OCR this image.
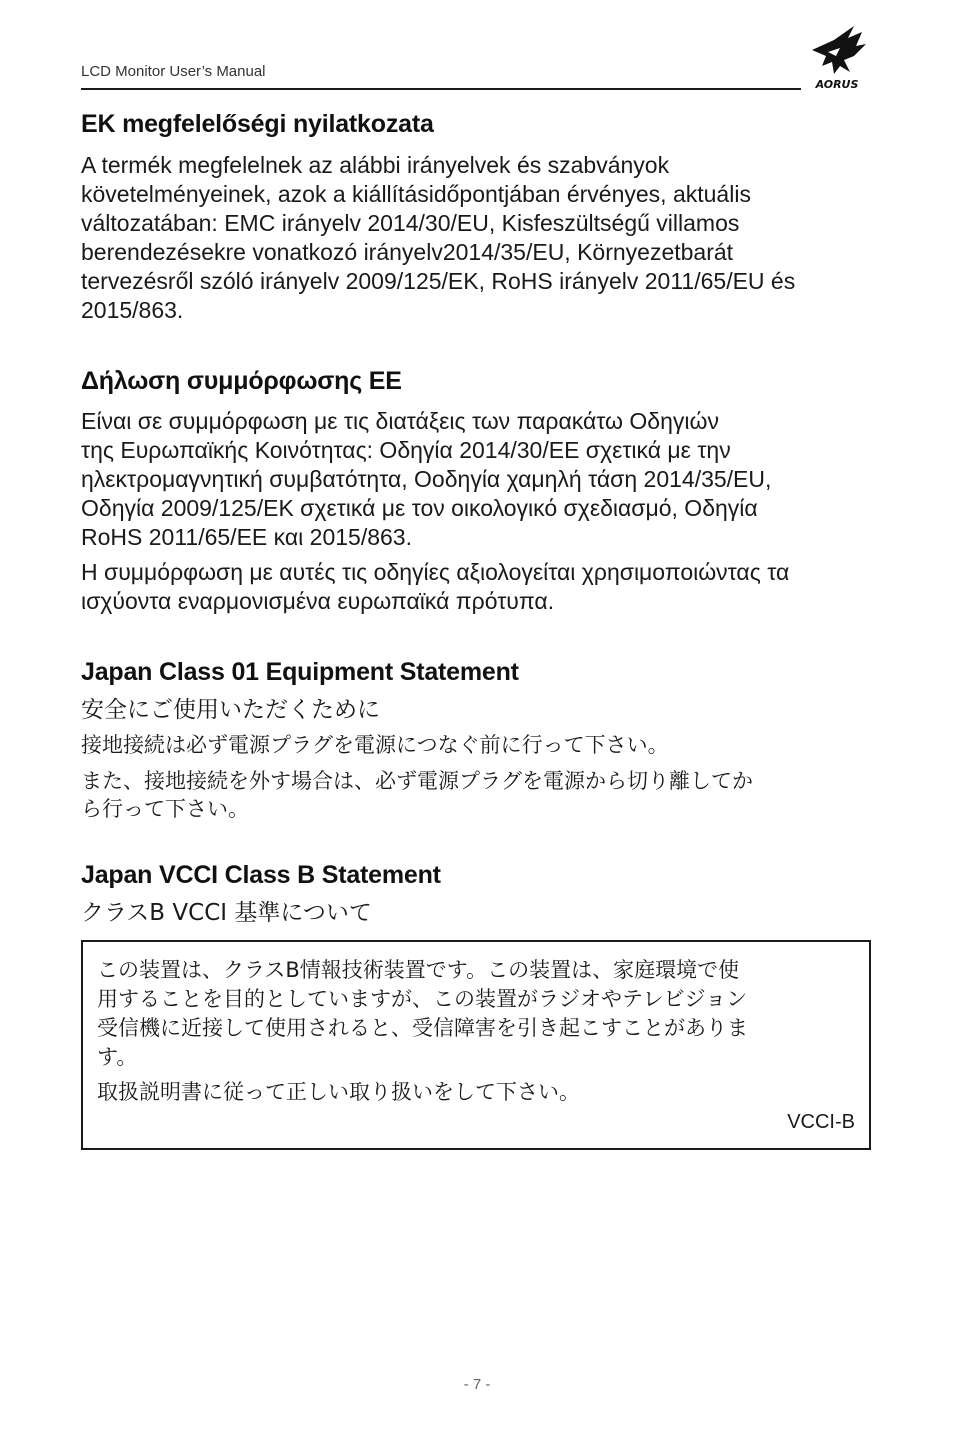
LCD Monitor User’s Manual
AORUS
EK megfelelőségi nyilatkozata

A termék megfelelnek az alábbi irányelvek és szabványok

követelményeinek, azok a kiállításidőpontjában érvényes, aktuális

változatában: EMC irányelv 2014/30/EU, Kisfeszültségű villamos

berendezésekre vonatkozó irányelv2014/35/EU, Környezetbarát

tervezésről szóló irányelv 2009/125/EK, RoHS irányelv 2011/65/EU és

2015/863.

Δήλωση συμμόρφωσης ΕΕ

Είναι σε συμμόρφωση με τις διατάξεις των παρακάτω Οδηγιών

της Ευρωπαϊκής Κοινότητας: Οδηγία 2014/30/ΕΕ σχετικά με την

ηλεκτρομαγνητική συμβατότητα, Οοδηγία χαμηλή τάση 2014/35/EU,

Οδηγία 2009/125/ΕΚ σχετικά με τον οικολογικό σχεδιασμό, Οδηγία

RoHS 2011/65/ΕΕ και 2015/863.

Η συμμόρφωση με αυτές τις οδηγίες αξιολογείται χρησιμοποιώντας τα

ισχύοντα εναρμονισμένα ευρωπαϊκά πρότυπα.

Japan Class 01 Equipment Statement

安全にご使用いただくために

接地接続は必ず電源プラグを電源につなぐ前に行って下さい。

また、接地接続を外す場合は、必ず電源プラグを電源から切り離してか

ら行って下さい。

Japan VCCI Class B Statement

クラスB VCCI 基準について

この装置は、クラスB情報技術装置です。この装置は、家庭環境で使

用することを目的としていますが、この装置がラジオやテレビジョン

受信機に近接して使用されると、受信障害を引き起こすことがありま

す。

取扱説明書に従って正しい取り扱いをして下さい。

VCCI-B
- 7 -
